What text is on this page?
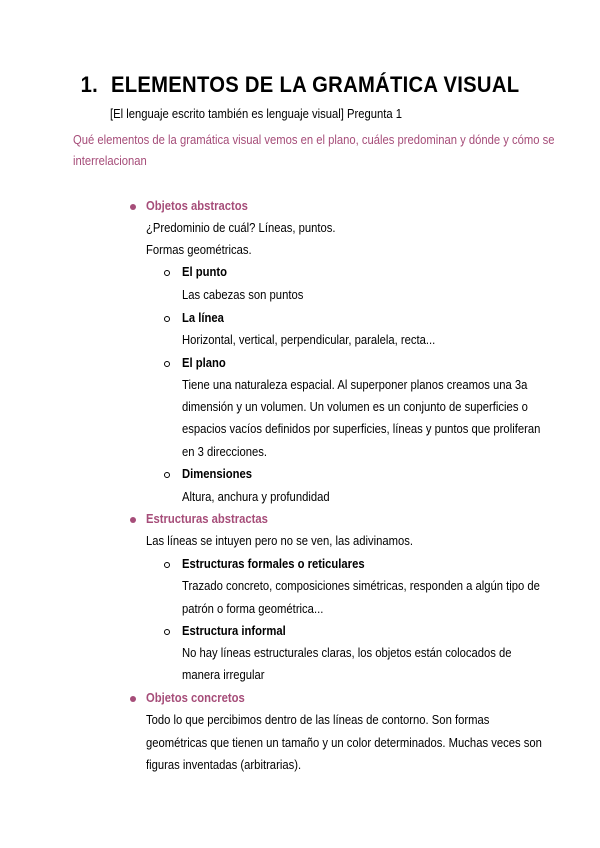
1. ELEMENTOS DE LA GRAMÁTICA VISUAL
[El lenguaje escrito también es lenguaje visual] Pregunta 1
Qué elementos de la gramática visual vemos en el plano, cuáles predominan y dónde y cómo se
interrelacionan
Objetos abstractos
¿Predominio de cuál? Líneas, puntos.
Formas geométricas.
El punto
Las cabezas son puntos
La línea
Horizontal, vertical, perpendicular, paralela, recta...
El plano
Tiene una naturaleza espacial. Al superponer planos creamos una 3a
dimensión y un volumen. Un volumen es un conjunto de superficies o
espacios vacíos definidos por superficies, líneas y puntos que proliferan
en 3 direcciones.
Dimensiones
Altura, anchura y profundidad
Estructuras abstractas
Las líneas se intuyen pero no se ven, las adivinamos.
Estructuras formales o reticulares
Trazado concreto, composiciones simétricas, responden a algún tipo de
patrón o forma geométrica...
Estructura informal
No hay líneas estructurales claras, los objetos están colocados de
manera irregular
Objetos concretos
Todo lo que percibimos dentro de las líneas de contorno. Son formas
geométricas que tienen un tamaño y un color determinados. Muchas veces son
figuras inventadas (arbitrarias).
